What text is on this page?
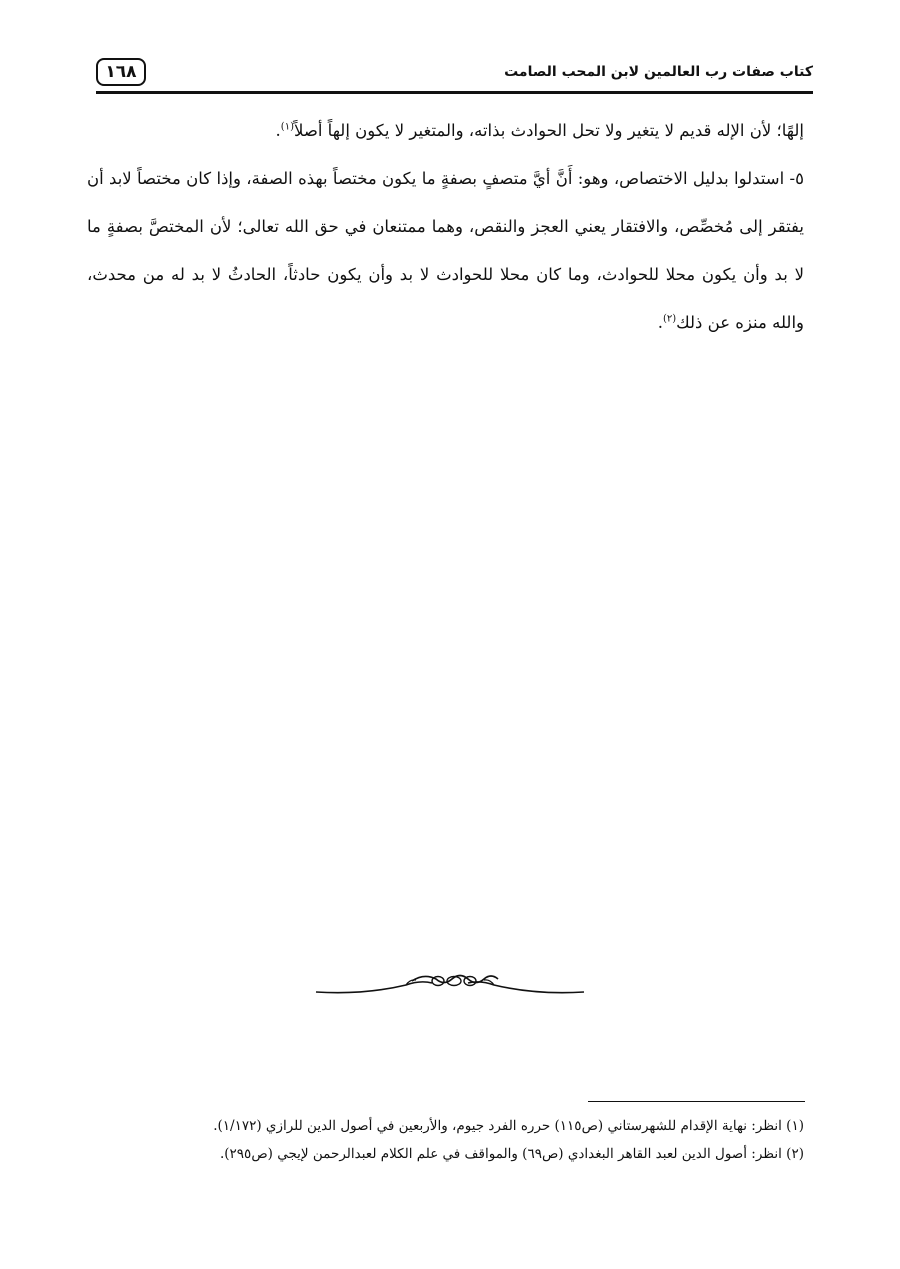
١٦٨	كتاب صفات رب العالمين لابن المحب الصامت

إلهًا؛ لأن الإله قديم لا يتغير ولا تحل الحوادث بذاته، والمتغير لا يكون إلهاً أصلاً$^{(١)}$.

٥- استدلوا بدليل الاختصاص، وهو: أَنَّ أيَّ متصفٍ بصفةٍ ما يكون مختصاً بهذه الصفة، وإذا كان مختصاً لابد أن يفتقر إلى مُخصِّص، والافتقار يعني العجز والنقص، وهما ممتنعان في حق الله تعالى؛ لأن المختصَّ بصفةٍ ما لا بد وأن يكون محلا للحوادث، وما كان محلا للحوادث لا بد وأن يكون حادثاً، الحادثُ لا بد له من محدث، والله منزه عن ذلك$^{(٢)}$.

(١) انظر: نهاية الإقدام للشهرستاني (ص١١٥) حرره الفرد جيوم، والأربعين في أصول الدين للرازي (١/١٧٢).

(٢) انظر: أصول الدين لعبد القاهر البغدادي (ص٦٩) والمواقف في علم الكلام لعبدالرحمن لإيجي (ص٢٩٥).
